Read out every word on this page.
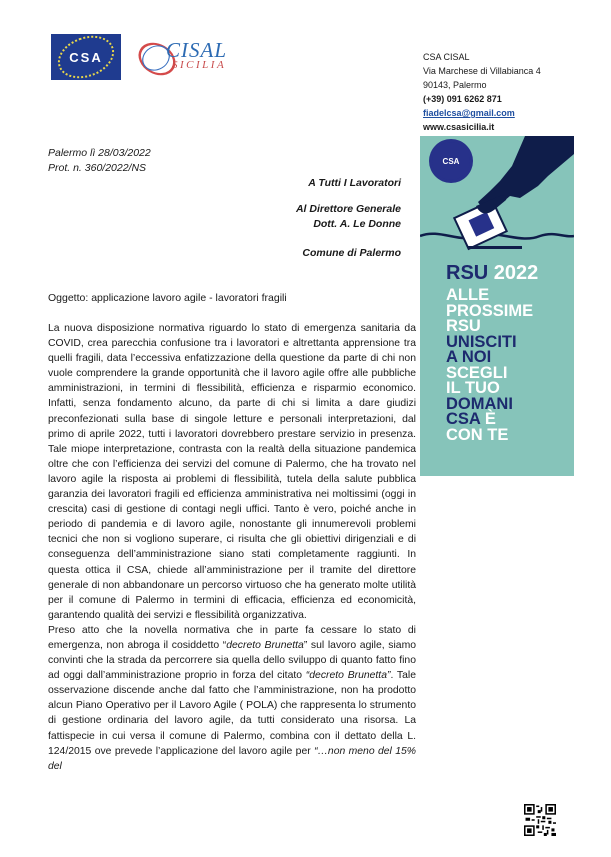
CSA	CISAL
SICILIA
CSA CISAL
Via Marchese di Villabianca 4
90143, Palermo
(+39) 091 6262 871
fiadelcsa@gmail.com
www.csasicilia.it
Palermo lì 28/03/2022
Prot. n. 360/2022/NS
A Tutti I Lavoratori
Al Direttore Generale
Dott. A. Le Donne
Comune di Palermo
Oggetto: applicazione lavoro agile - lavoratori fragili

La nuova disposizione normativa riguardo lo stato di emergenza sanitaria da COVID, crea parecchia confusione tra i lavoratori e altrettanta apprensione tra quelli fragili, data l’eccessiva enfatizzazione della questione da parte di chi non vuole comprendere la grande opportunità che il lavoro agile offre alle pubbliche amministrazioni, in termini di flessibilità, efficienza e risparmio economico. Infatti, senza fondamento alcuno, da parte di chi si limita a dare giudizi preconfezionati sulla base di singole letture e personali interpretazioni, dal primo di aprile 2022, tutti i lavoratori dovrebbero prestare servizio in presenza. Tale miope interpretazione, contrasta con la realtà della situazione pandemica oltre che con l’efficienza dei servizi del comune di Palermo, che ha trovato nel lavoro agile la risposta ai problemi di flessibilità, tutela della salute pubblica garanzia dei lavoratori fragili ed efficienza amministrativa nei moltissimi (oggi in crescita) casi di gestione di contagi negli uffici. Tanto è vero, poiché anche in periodo di pandemia e di lavoro agile, nonostante gli innumerevoli problemi tecnici che non si vogliono superare, ci risulta che gli obiettivi dirigenziali e di conseguenza dell’amministrazione siano stati completamente raggiunti. In questa ottica il CSA, chiede all’amministrazione per il tramite del direttore generale di non abbandonare un percorso virtuoso che ha generato molte utilità per il comune di Palermo in termini di efficacia, efficienza ed economicità, garantendo qualità dei servizi e flessibilità organizzativa.

Preso atto che la novella normativa che in parte fa cessare lo stato di emergenza, non abroga il cosiddetto “decreto Brunetta” sul lavoro agile, siamo convinti che la strada da percorrere sia quella dello sviluppo di quanto fatto fino ad oggi dall’amministrazione proprio in forza del citato “decreto Brunetta”. Tale osservazione discende anche dal fatto che l’amministrazione, non ha prodotto alcun Piano Operativo per il Lavoro Agile ( POLA) che rappresenta lo strumento di gestione ordinaria del lavoro agile, da tutti considerato una risorsa. La fattispecie in cui versa il comune di Palermo, combina con il dettato della L. 124/2015 ove prevede l’applicazione del lavoro agile per “…non meno del 15% del

CSA
RSU 2022
ALLE
PROSSIME
RSU
UNISCITI
A NOI
SCEGLI
IL TUO
DOMANI
CSA È
CON TE
